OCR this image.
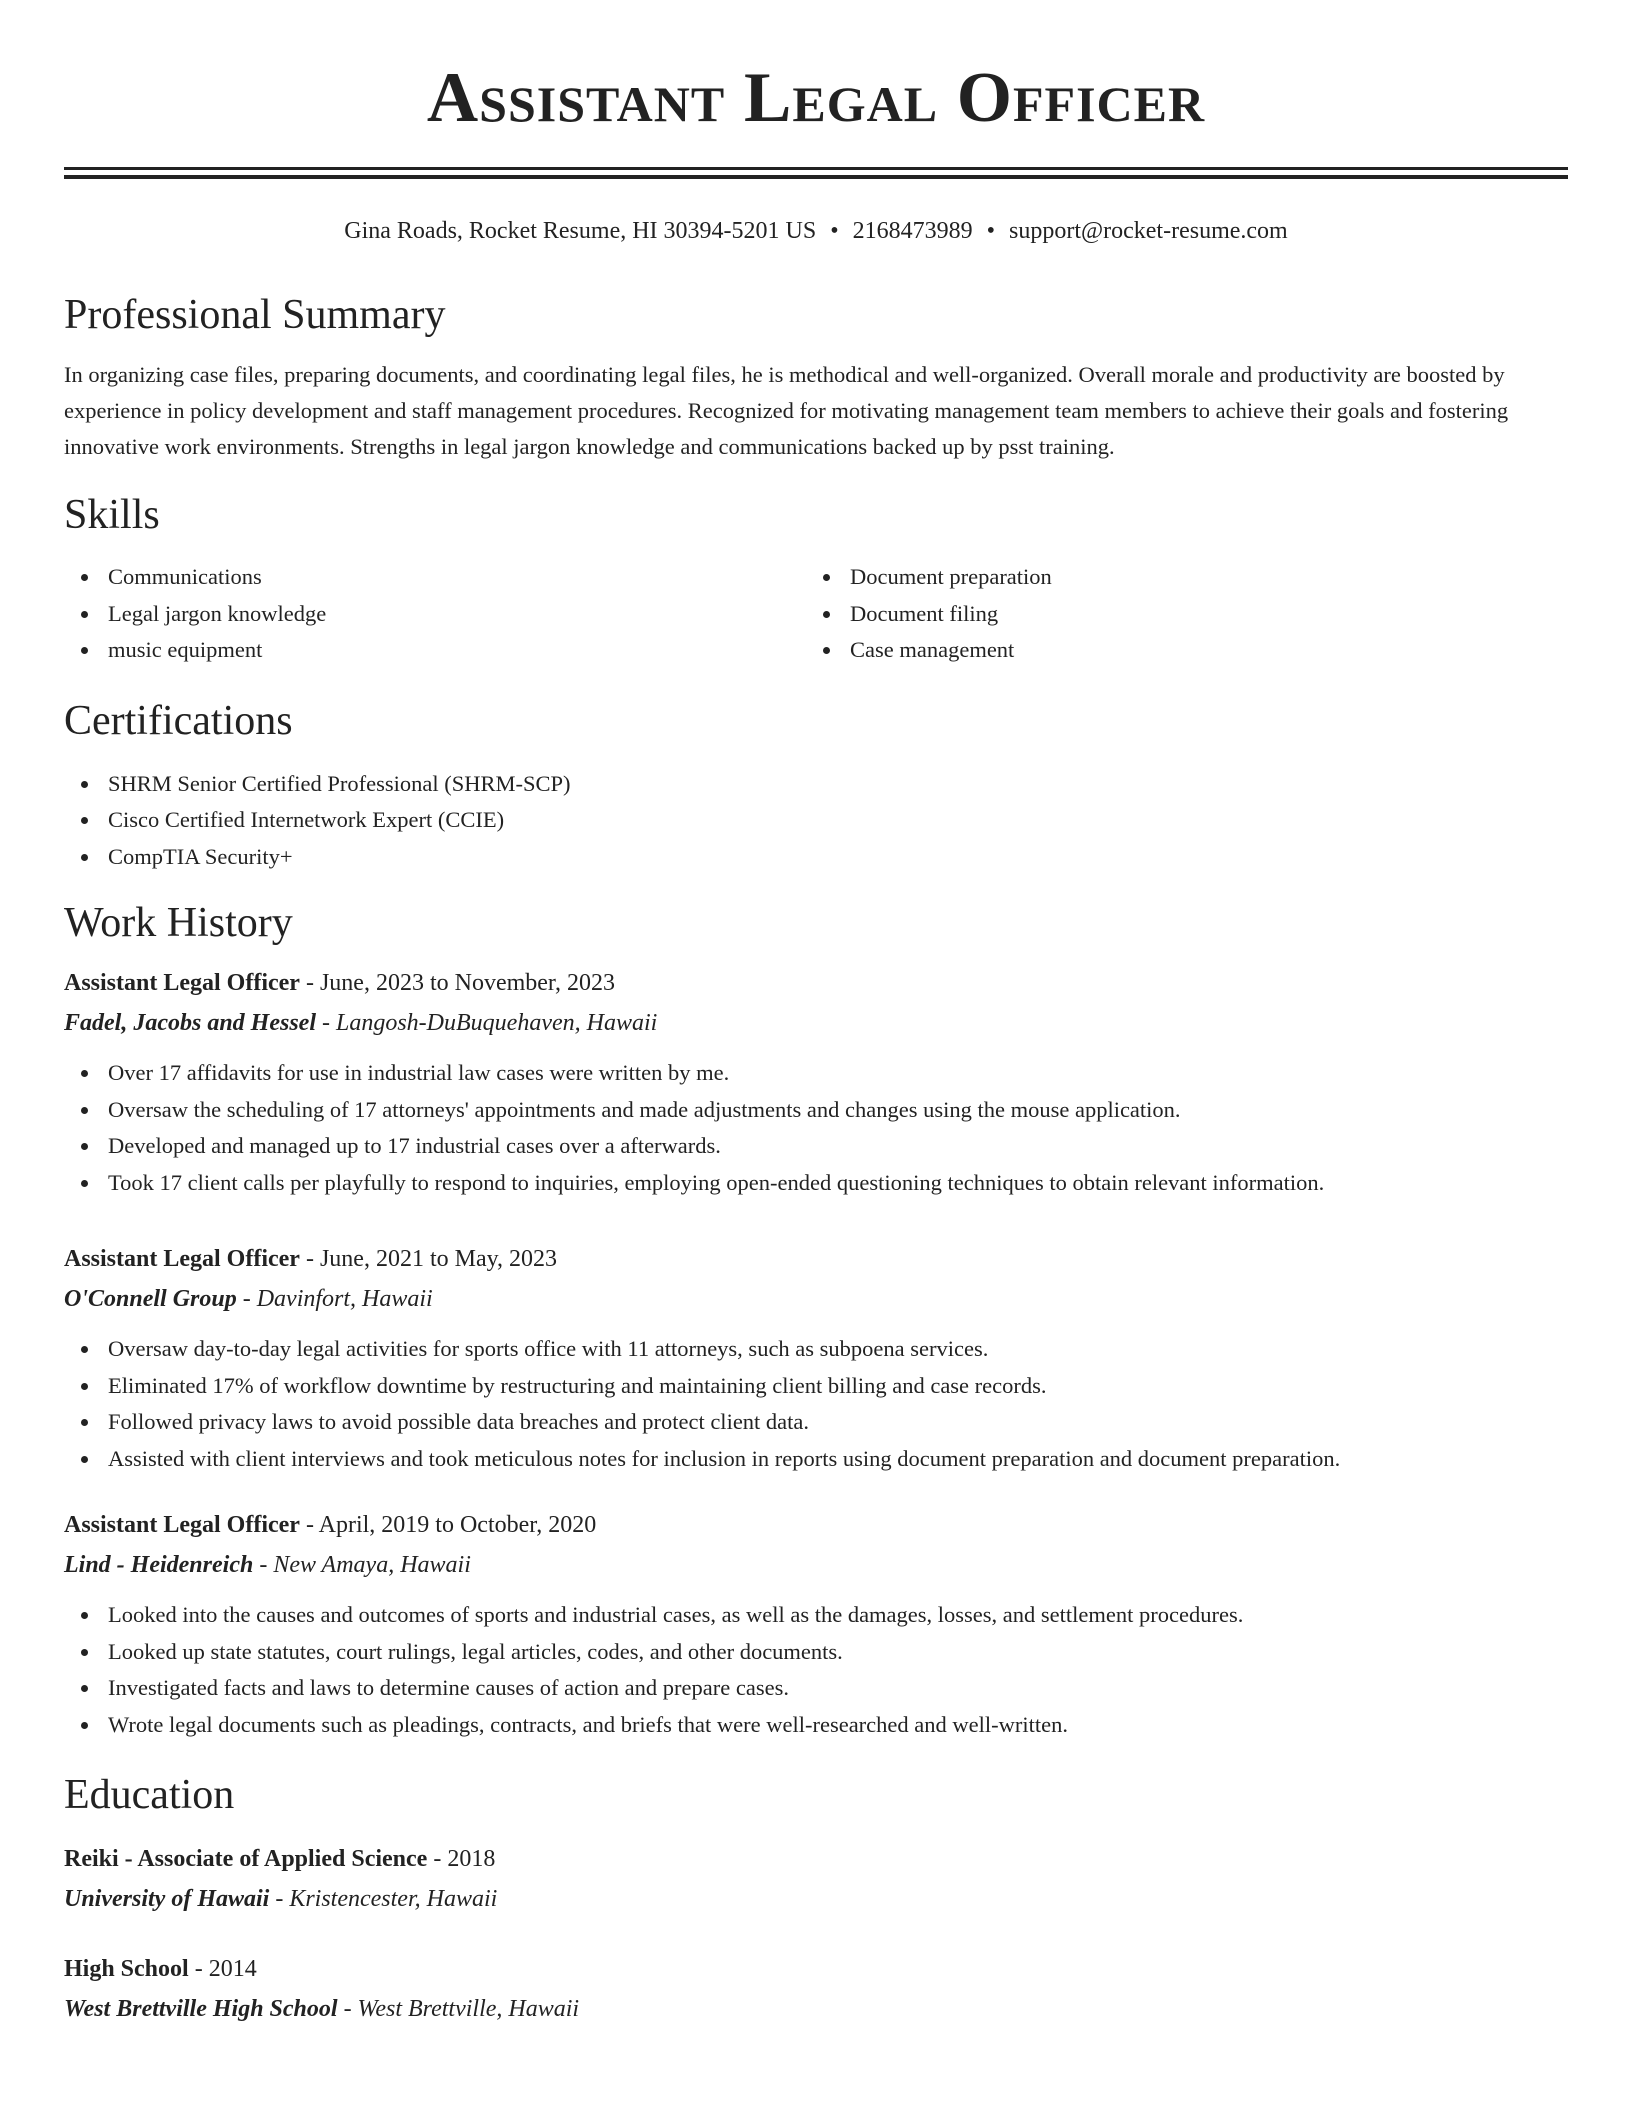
Assistant Legal Officer
Gina Roads, Rocket Resume, HI 30394-5201 US • 2168473989 • support@rocket-resume.com
Professional Summary

In organizing case files, preparing documents, and coordinating legal files, he is methodical and well-organized. Overall morale and productivity are boosted by experience in policy development and staff management procedures. Recognized for motivating management team members to achieve their goals and fostering innovative work environments. Strengths in legal jargon knowledge and communications backed up by psst training.

Skills
Communications
Legal jargon knowledge
music equipment
Document preparation
Document filing
Case management
Certifications
SHRM Senior Certified Professional (SHRM-SCP)
Cisco Certified Internetwork Expert (CCIE)
CompTIA Security+
Work History
Assistant Legal Officer - June, 2023 to November, 2023
Fadel, Jacobs and Hessel - Langosh-DuBuquehaven, Hawaii
Over 17 affidavits for use in industrial law cases were written by me.
Oversaw the scheduling of 17 attorneys' appointments and made adjustments and changes using the mouse application.
Developed and managed up to 17 industrial cases over a afterwards.
Took 17 client calls per playfully to respond to inquiries, employing open-ended questioning techniques to obtain relevant information.
Assistant Legal Officer - June, 2021 to May, 2023
O'Connell Group - Davinfort, Hawaii
Oversaw day-to-day legal activities for sports office with 11 attorneys, such as subpoena services.
Eliminated 17% of workflow downtime by restructuring and maintaining client billing and case records.
Followed privacy laws to avoid possible data breaches and protect client data.
Assisted with client interviews and took meticulous notes for inclusion in reports using document preparation and document preparation.
Assistant Legal Officer - April, 2019 to October, 2020
Lind - Heidenreich - New Amaya, Hawaii
Looked into the causes and outcomes of sports and industrial cases, as well as the damages, losses, and settlement procedures.
Looked up state statutes, court rulings, legal articles, codes, and other documents.
Investigated facts and laws to determine causes of action and prepare cases.
Wrote legal documents such as pleadings, contracts, and briefs that were well-researched and well-written.
Education
Reiki - Associate of Applied Science - 2018
University of Hawaii - Kristencester, Hawaii
High School - 2014
West Brettville High School - West Brettville, Hawaii
